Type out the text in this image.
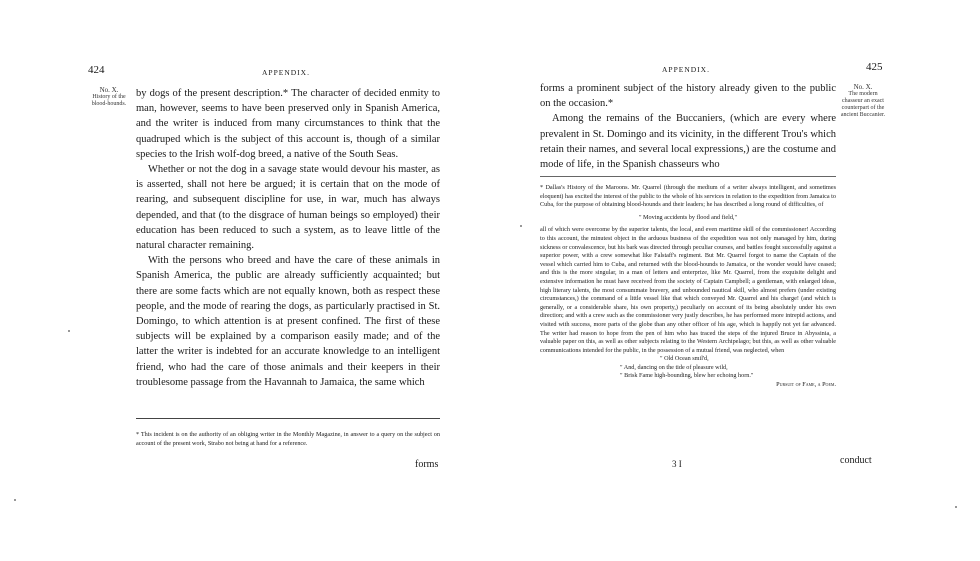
424	APPENDIX.
No. X.
History of the blood-hounds.

by dogs of the present description.* The character of decided enmity to man, however, seems to have been preserved only in Spanish America, and the writer is induced from many circumstances to think that the quadruped which is the subject of this account is, though of a similar species to the Irish wolf-dog breed, a native of the South Seas.

Whether or not the dog in a savage state would devour his master, as is asserted, shall not here be argued; it is certain that on the mode of rearing, and subsequent discipline for use, in war, much has always depended, and that (to the disgrace of human beings so employed) their education has been reduced to such a system, as to leave little of the natural character remaining.

With the persons who breed and have the care of these animals in Spanish America, the public are already sufficiently acquainted; but there are some facts which are not equally known, both as respect these people, and the mode of rearing the dogs, as particularly practised in St. Domingo, to which attention is at present confined. The first of these subjects will be explained by a comparison easily made; and of the latter the writer is indebted for an accurate knowledge to an intelligent friend, who had the care of those animals and their keepers in their troublesome passage from the Havannah to Jamaica, the same which

* This incident is on the authority of an obliging writer in the Monthly Magazine, in answer to a query on the subject on account of the present work, Strabo not being at hand for a reference.

forms
425
APPENDIX.
No. X.
The modern chasseur an exact counterpart of the ancient Buccanier.

forms a prominent subject of the history already given to the public on the occasion.*

Among the remains of the Buccaniers, (which are every where prevalent in St. Domingo and its vicinity, in the different Trou's which retain their names, and several local expressions,) are the costume and mode of life, in the Spanish chasseurs who

* Dallas's History of the Maroons. Mr. Quarrel (through the medium of a writer always intelligent, and sometimes eloquent) has excited the interest of the public to the whole of his services in relation to the expedition from Jamaica to Cuba, for the purpose of obtaining blood-hounds and their leaders; he has described a long round of difficulties, of

" Moving accidents by flood and field,"

all of which were overcome by the superior talents, the local, and even maritime skill of the commissioner! According to this account, the minutest object in the arduous business of the expedition was not only managed by him, during sickness or convalescence, but his bark was directed through peculiar courses, and battles fought successfully against a superior power, with a crew somewhat like Falstaff's regiment. But Mr. Quarrel forgot to name the Captain of the vessel which carried him to Cuba, and returned with the blood-hounds to Jamaica, or the wonder would have ceased; and this is the more singular, in a man of letters and enterprize, like Mr. Quarrel, from the exquisite delight and extensive information he must have received from the society of Captain Campbell; a gentleman, with enlarged ideas, high literary talents, the most consummate bravery, and unbounded nautical skill, who almost prefers (under existing circumstances,) the command of a little vessel like that which conveyed Mr. Quarrel and his charge! (and which is generally, or a considerable share, his own property,) peculiarly on account of its being absolutely under his own direction; and with a crew such as the commissioner very justly describes, he has performed more intrepid actions, and visited with success, more parts of the globe than any other officer of his age, which is happily not yet far advanced. The writer had reason to hope from the pen of him who has traced the steps of the injured Bruce in Abyssinia, a valuable paper on this, as well as other subjects relating to the Western Archipelago; but this, as well as other valuable communications intended for the public, in the possession of a mutual friend, was neglected, when

" Old Ocean smil'd,

" And, dancing on the tide of pleasure wild,

" Brisk Fame high-bounding, blew her echoing horn."

Pursuit of Fame, a Poem.

3 I	conduct
